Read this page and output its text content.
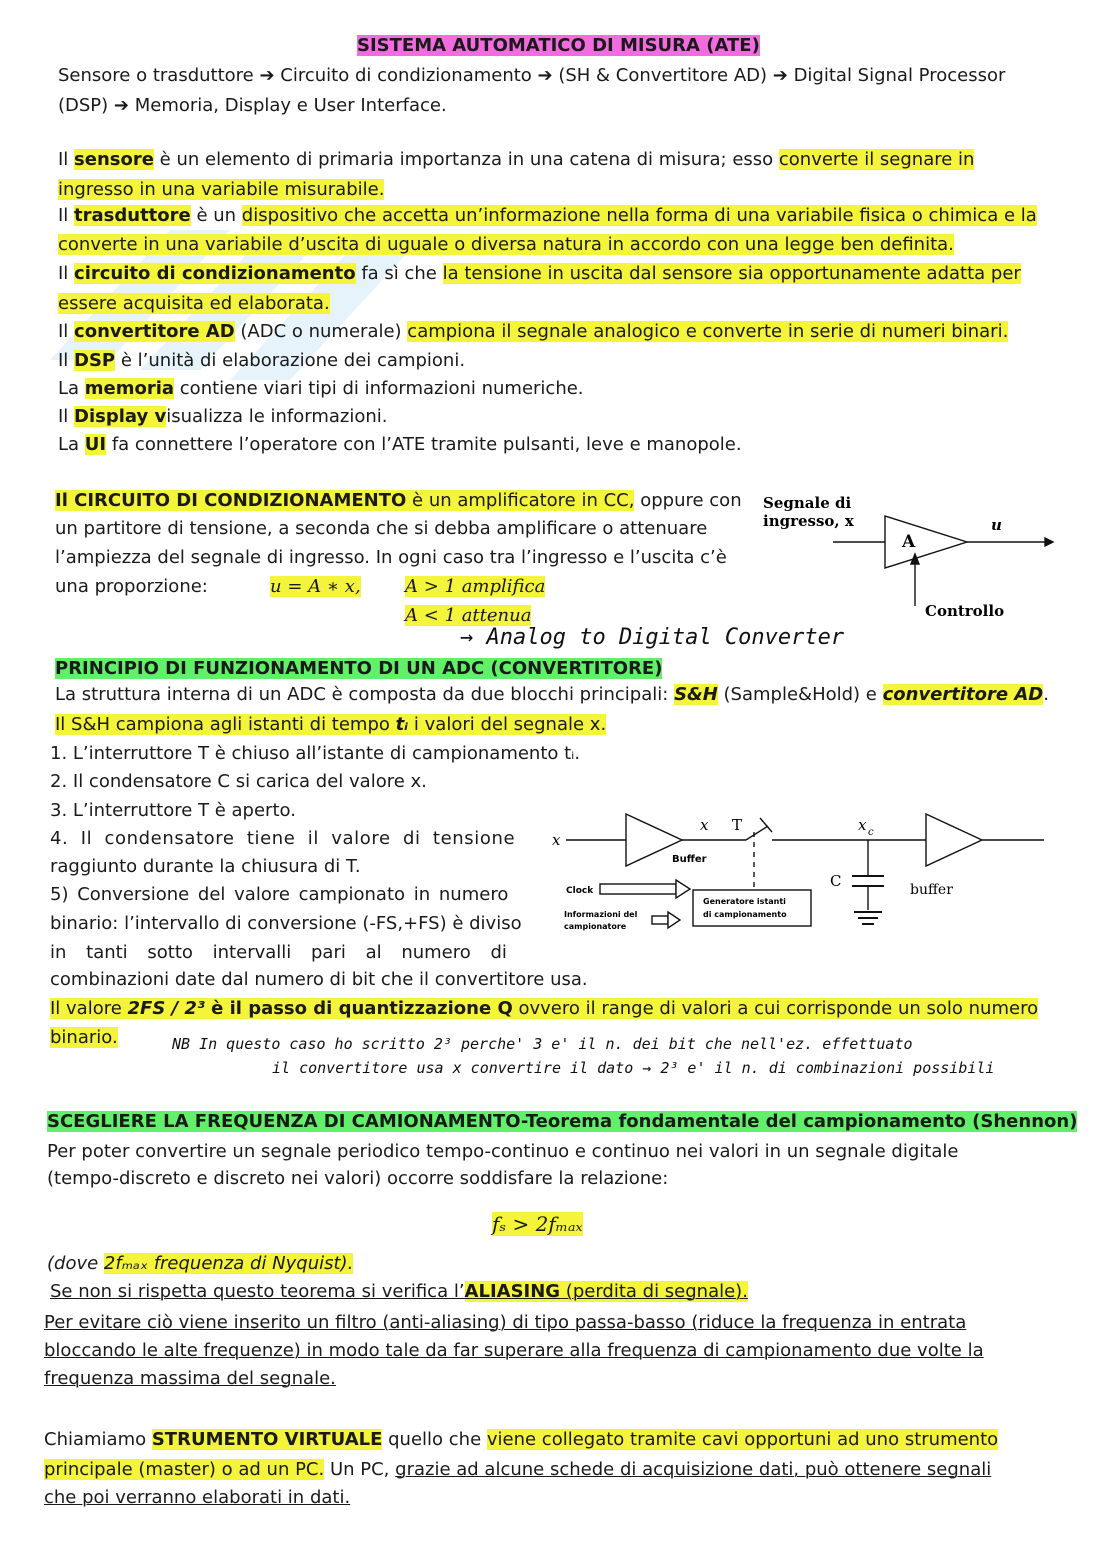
SISTEMA AUTOMATICO DI MISURA (ATE)
Sensore o trasduttore ➔ Circuito di condizionamento ➔ (SH & Convertitore AD) ➔ Digital Signal Processor
(DSP) ➔ Memoria, Display e User Interface.
Il sensore è un elemento di primaria importanza in una catena di misura; esso converte il segnare in
ingresso in una variabile misurabile.
Il trasduttore è un dispositivo che accetta un’informazione nella forma di una variabile fisica o chimica e la
converte in una variabile d’uscita di uguale o diversa natura in accordo con una legge ben definita.
Il circuito di condizionamento fa sì che la tensione in uscita dal sensore sia opportunamente adatta per
essere acquisita ed elaborata.
Il convertitore AD (ADC o numerale) campiona il segnale analogico e converte in serie di numeri binari.
Il DSP è l’unità di elaborazione dei campioni.
La memoria contiene viari tipi di informazioni numeriche.
Il Display visualizza le informazioni.
La UI fa connettere l’operatore con l’ATE tramite pulsanti, leve e manopole.
Il CIRCUITO DI CONDIZIONAMENTO è un amplificatore in CC, oppure con
un partitore di tensione, a seconda che si debba amplificare o attenuare
l’ampiezza del segnale di ingresso. In ogni caso tra l’ingresso e l’uscita c’è
una proporzione:	u = A ∗ x, A > 1 amplifica
A < 1 attenua
→ Analog to Digital Converter
Segnale di
ingresso, x
A
u
Controllo
PRINCIPIO DI FUNZIONAMENTO DI UN ADC (CONVERTITORE)
La struttura interna di un ADC è composta da due blocchi principali: S&H (Sample&Hold) e convertitore AD.
Il S&H campiona agli istanti di tempo tᵢ i valori del segnale x.
1. L’interruttore T è chiuso all’istante di campionamento tᵢ.
2. Il condensatore C si carica del valore x.
3. L’interruttore T è aperto.
4. Il condensatore tiene il valore di tensione
raggiunto durante la chiusura di T.
5) Conversione del valore campionato in numero
binario: l’intervallo di conversione (-FS,+FS) è diviso
in tanti sotto intervalli pari al numero di
combinazioni date dal numero di bit che il convertitore usa.
x
x T	x c
Buffer
buffer
C
Clock
Informazioni del
campionatore
Generatore istanti
di campionamento
Il valore 2FS / 2³ è il passo di quantizzazione Q ovvero il range di valori a cui corrisponde un solo numero
binario.	NB In questo caso ho scritto 2³ perche' 3 e' il n. dei bit che nell'ez. effettuato
il convertitore usa x convertire il dato → 2³ e' il n. di combinazioni possibili
SCEGLIERE LA FREQUENZA DI CAMIONAMENTO-Teorema fondamentale del campionamento (Shennon)
Per poter convertire un segnale periodico tempo-continuo e continuo nei valori in un segnale digitale
(tempo-discreto e discreto nei valori) occorre soddisfare la relazione:
fₛ > 2fₘₐₓ
(dove 2fₘₐₓ frequenza di Nyquist).
Se non si rispetta questo teorema si verifica l’ALIASING (perdita di segnale).
Per evitare ciò viene inserito un filtro (anti-aliasing) di tipo passa-basso (riduce la frequenza in entrata
bloccando le alte frequenze) in modo tale da far superare alla frequenza di campionamento due volte la
frequenza massima del segnale.
Chiamiamo STRUMENTO VIRTUALE quello che viene collegato tramite cavi opportuni ad uno strumento
principale (master) o ad un PC. Un PC, grazie ad alcune schede di acquisizione dati, può ottenere segnali
che poi verranno elaborati in dati.
